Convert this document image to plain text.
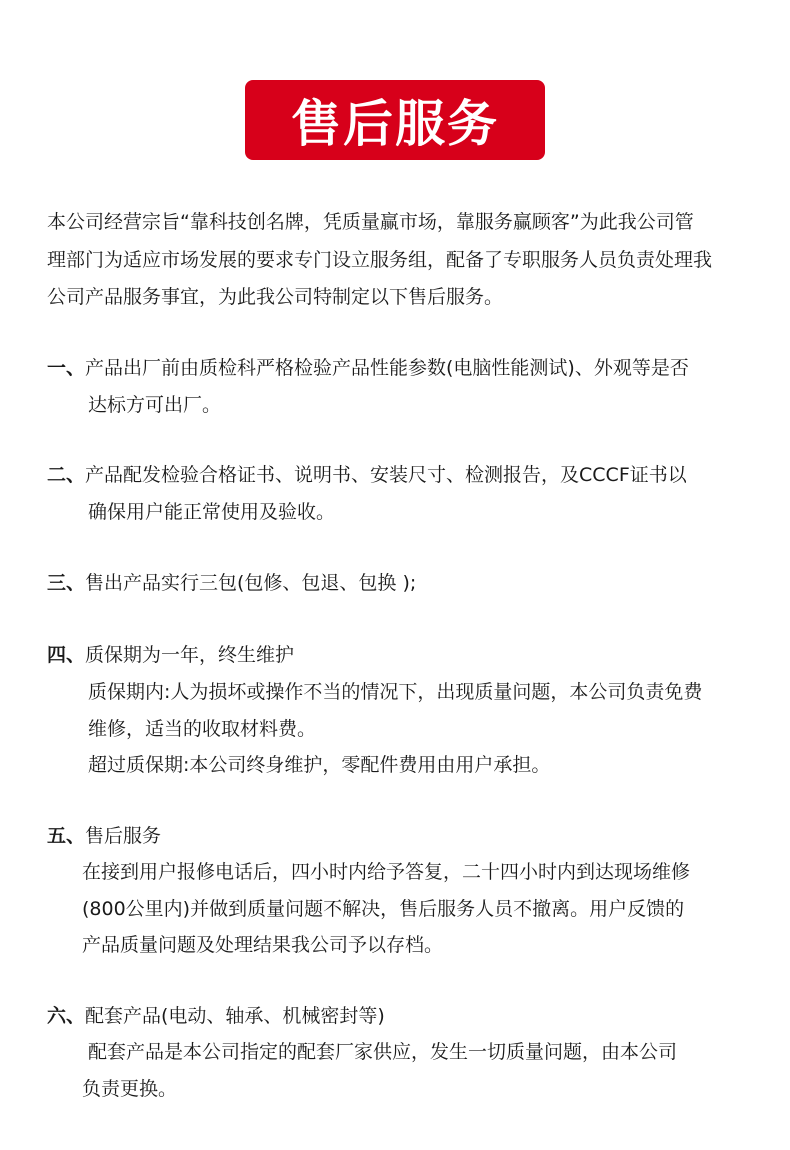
售后服务
本公司经营宗旨“靠科技创名牌，凭质量赢市场，靠服务赢顾客”为此我公司管
理部门为适应市场发展的要求专门设立服务组，配备了专职服务人员负责处理我
公司产品服务事宜，为此我公司特制定以下售后服务。
一、产品出厂前由质检科严格检验产品性能参数(电脑性能测试)、外观等是否
达标方可出厂。
二、产品配发检验合格证书、说明书、安装尺寸、检测报告，及CCCF证书以
确保用户能正常使用及验收。
三、售出产品实行三包(包修、包退、包换 );
四、质保期为一年，终生维护
质保期内:人为损坏或操作不当的情况下，出现质量问题，本公司负责免费
维修，适当的收取材料费。
超过质保期:本公司终身维护，零配件费用由用户承担。
五、售后服务
在接到用户报修电话后，四小时内给予答复，二十四小时内到达现场维修
(800公里内)并做到质量问题不解决，售后服务人员不撤离。用户反馈的
产品质量问题及处理结果我公司予以存档。
六、配套产品(电动、轴承、机械密封等)
配套产品是本公司指定的配套厂家供应，发生一切质量问题，由本公司
负责更换。
